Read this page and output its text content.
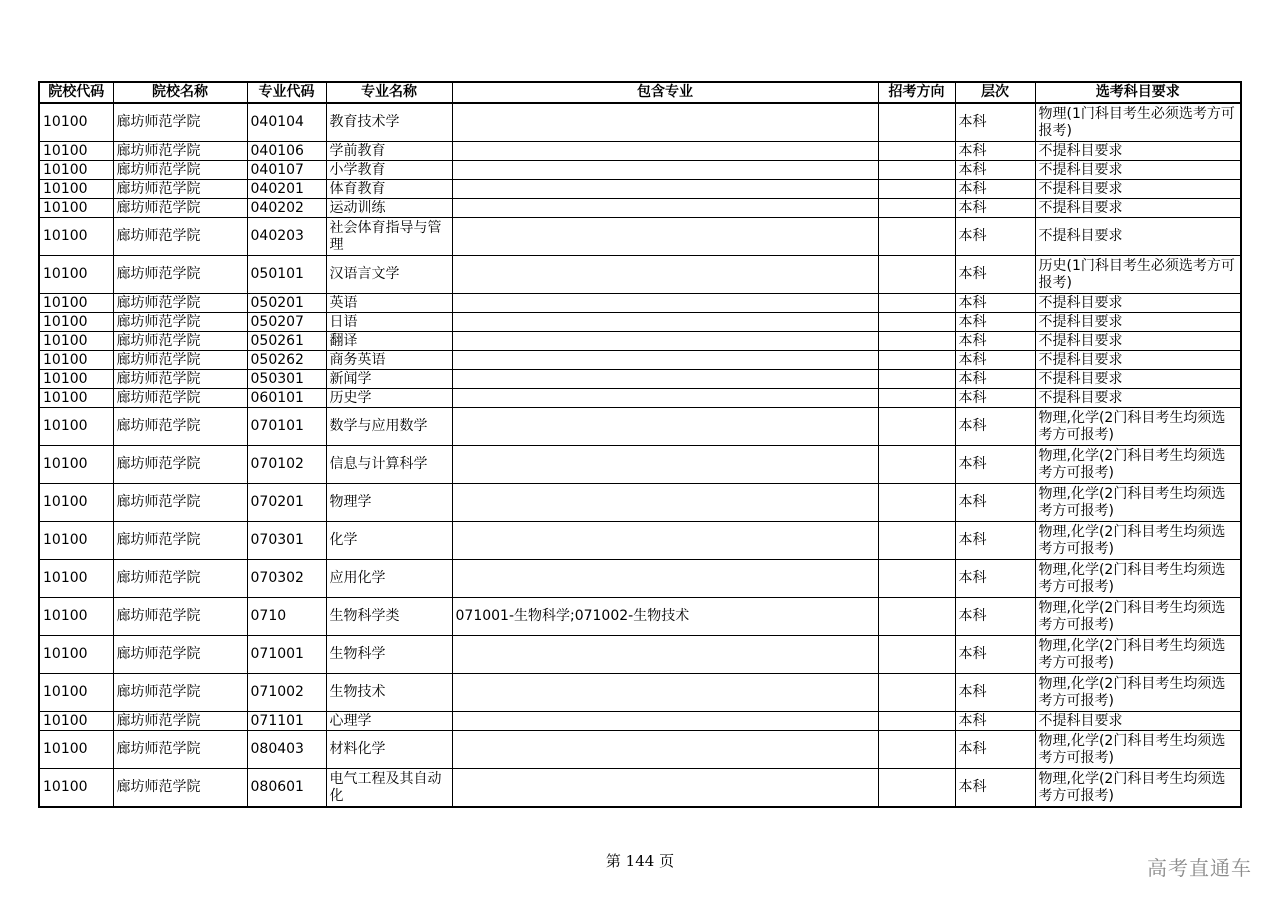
院校代码	院校名称	专业代码	专业名称	包含专业	招考方向	层次	选考科目要求
10100	廊坊师范学院	040104	教育技术学			本科	物理(1门科目考生必须选考方可报考)
10100	廊坊师范学院	040106	学前教育			本科	不提科目要求
10100	廊坊师范学院	040107	小学教育			本科	不提科目要求
10100	廊坊师范学院	040201	体育教育			本科	不提科目要求
10100	廊坊师范学院	040202	运动训练			本科	不提科目要求
10100	廊坊师范学院	040203	社会体育指导与管理			本科	不提科目要求
10100	廊坊师范学院	050101	汉语言文学			本科	历史(1门科目考生必须选考方可报考)
10100	廊坊师范学院	050201	英语			本科	不提科目要求
10100	廊坊师范学院	050207	日语			本科	不提科目要求
10100	廊坊师范学院	050261	翻译			本科	不提科目要求
10100	廊坊师范学院	050262	商务英语			本科	不提科目要求
10100	廊坊师范学院	050301	新闻学			本科	不提科目要求
10100	廊坊师范学院	060101	历史学			本科	不提科目要求
10100	廊坊师范学院	070101	数学与应用数学			本科	物理,化学(2门科目考生均须选考方可报考)
10100	廊坊师范学院	070102	信息与计算科学			本科	物理,化学(2门科目考生均须选考方可报考)
10100	廊坊师范学院	070201	物理学			本科	物理,化学(2门科目考生均须选考方可报考)
10100	廊坊师范学院	070301	化学			本科	物理,化学(2门科目考生均须选考方可报考)
10100	廊坊师范学院	070302	应用化学			本科	物理,化学(2门科目考生均须选考方可报考)
10100	廊坊师范学院	0710	生物科学类	071001-生物科学;071002-生物技术		本科	物理,化学(2门科目考生均须选考方可报考)
10100	廊坊师范学院	071001	生物科学			本科	物理,化学(2门科目考生均须选考方可报考)
10100	廊坊师范学院	071002	生物技术			本科	物理,化学(2门科目考生均须选考方可报考)
10100	廊坊师范学院	071101	心理学			本科	不提科目要求
10100	廊坊师范学院	080403	材料化学			本科	物理,化学(2门科目考生均须选考方可报考)
10100	廊坊师范学院	080601	电气工程及其自动化			本科	物理,化学(2门科目考生均须选考方可报考)
第 144 页	高考直通车
